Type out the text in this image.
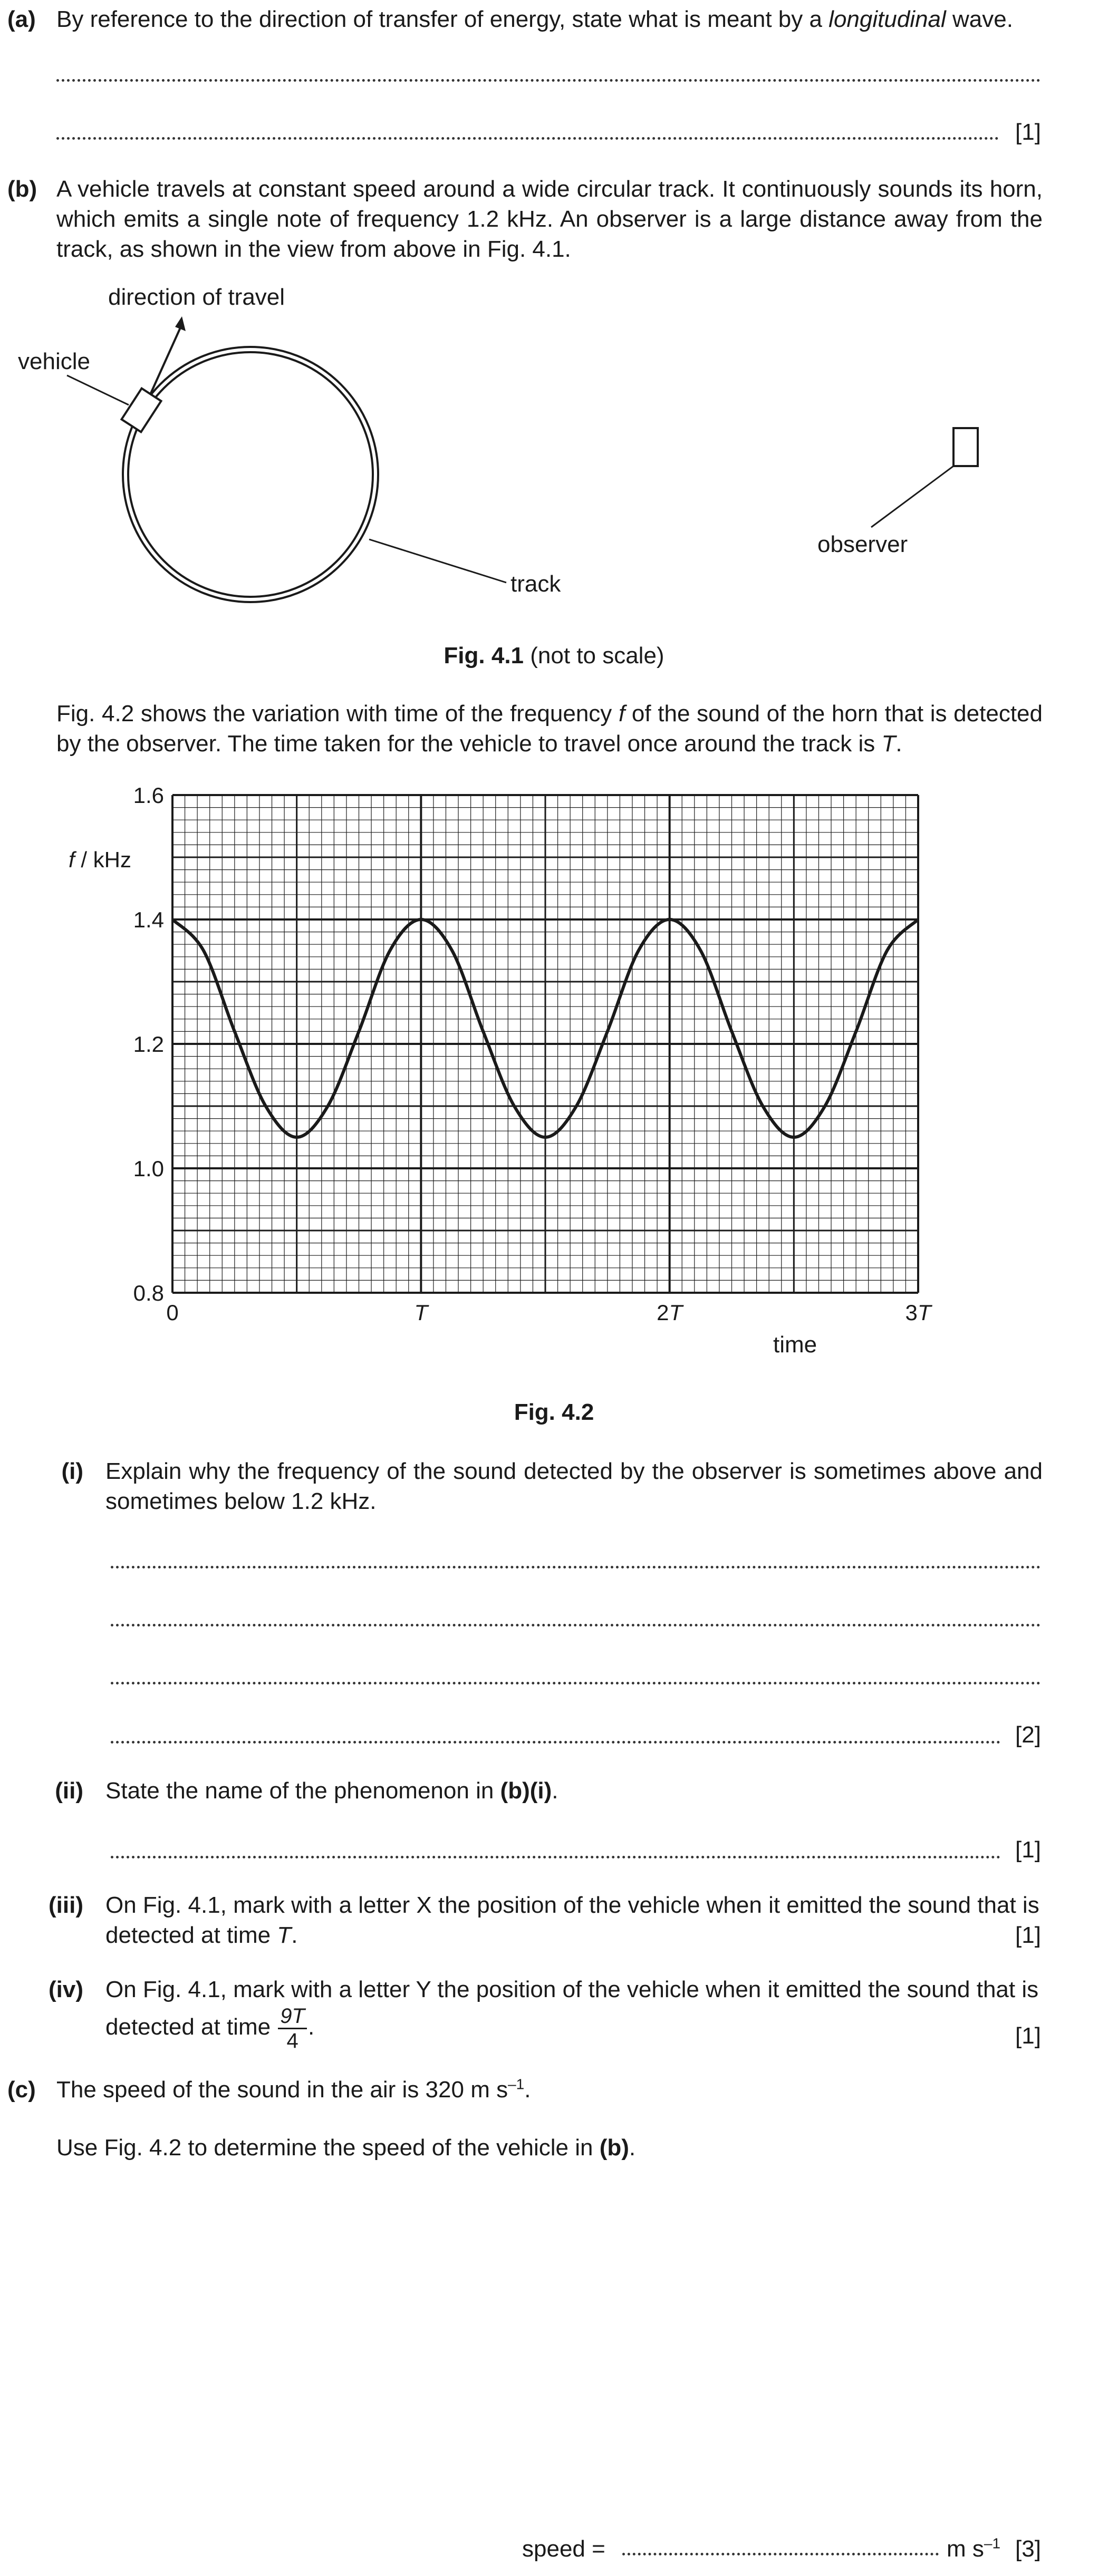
(a) By reference to the direction of transfer of energy, state what is meant by a longitudinal wave.
[1]
(b) A vehicle travels at constant speed around a wide circular track. It continuously sounds its horn, which emits a single note of frequency 1.2 kHz. An observer is a large distance away from the track, as shown in the view from above in Fig. 4.1.
direction of travel
vehicle
track
observer
Fig. 4.1 (not to scale)
Fig. 4.2 shows the variation with time of the frequency f of the sound of the horn that is detected by the observer. The time taken for the vehicle to travel once around the track is T.
0.8
1.0
1.2
1.4
1.6
0	T	2T	3T
f / kHz
time
Fig. 4.2
(i) Explain why the frequency of the sound detected by the observer is sometimes above and sometimes below 1.2 kHz.
[2]
(ii) State the name of the phenomenon in (b)(i).
[1]
(iii) On Fig. 4.1, mark with a letter X the position of the vehicle when it emitted the sound that is detected at time T.	[1]
(iv) On Fig. 4.1, mark with a letter Y the position of the vehicle when it emitted the sound that is detected at time $\frac{9T}{4}$ .	[1]
(c) The speed of the sound in the air is 320 m $s^{-1}$.
Use Fig. 4.2 to determine the speed of the vehicle in (b).
speed =	m $s^{-1}$ [3]
